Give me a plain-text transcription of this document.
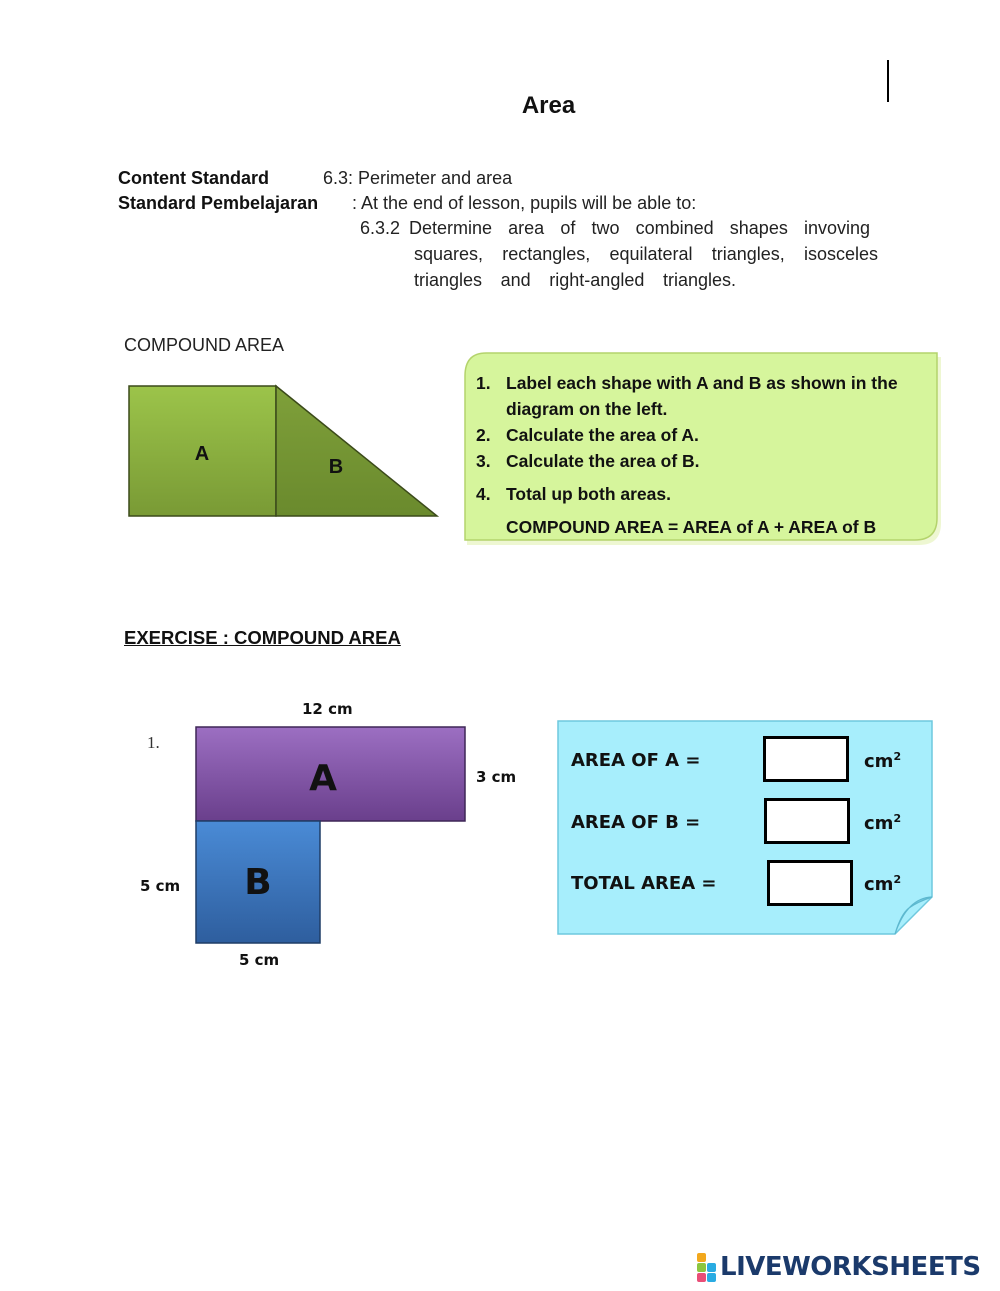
Area
Content Standard	6.3: Perimeter and area
Standard Pembelajaran : At the end of lesson, pupils will be able to:
6.3.2 Determine area of two combined shapes invoving
squares, rectangles, equilateral triangles, isosceles
triangles and right-angled triangles.
COMPOUND AREA
A
B
1. Label each shape with A and B as shown in the diagram on the left.
2. Calculate the area of A.
3. Calculate the area of B.
4. Total up both areas.
COMPOUND AREA = AREA of A + AREA of B
EXERCISE : COMPOUND AREA
1.
A
B
12 cm
3 cm
5 cm
5 cm
AREA OF A =	$cm^2$
AREA OF B =	$cm^2$
TOTAL AREA =	$cm^2$
LIVEWORKSHEETS
